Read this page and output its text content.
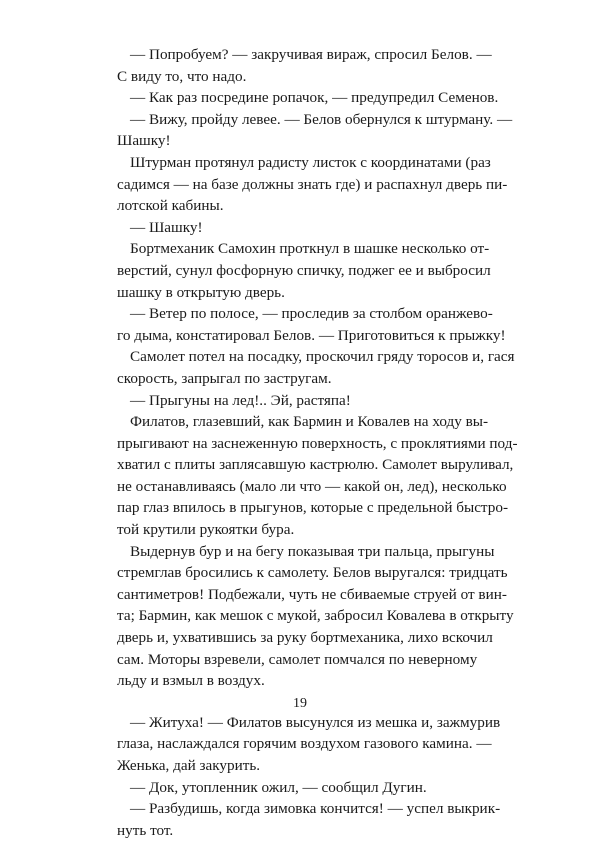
— Попробуем? — закручивая вираж, спросил Белов. —
С виду то, что надо.

— Как раз посредине ропачок, — предупредил Семенов.

— Вижу, пройду левее. — Белов обернулся к штурману. —
Шашку!

Штурман протянул радисту листок с координатами (раз
садимся — на базе должны знать где) и распахнул дверь пи-
лотской кабины.

— Шашку!

Бортмеханик Самохин проткнул в шашке несколько от-
верстий, сунул фосфорную спичку, поджег ее и выбросил
шашку в открытую дверь.

— Ветер по полосе, — проследив за столбом оранжево-
го дыма, констатировал Белов. — Приготовиться к прыжку!

Самолет потел на посадку, проскочил гряду торосов и, гася
скорость, запрыгал по застругам.

— Прыгуны на лед!.. Эй, растяпа!

Филатов, глазевший, как Бармин и Ковалев на ходу вы-
прыгивают на заснеженную поверхность, с проклятиями под-
хватил с плиты заплясавшую кастрюлю. Самолет выруливал,
не останавливаясь (мало ли что — какой он, лед), несколько
пар глаз впилось в прыгунов, которые с предельной быстро-
той крутили рукоятки бура.

Выдернув бур и на бегу показывая три пальца, прыгуны
стремглав бросились к самолету. Белов выругался: тридцать
сантиметров! Подбежали, чуть не сбиваемые струей от вин-
та; Бармин, как мешок с мукой, забросил Ковалева в открыту
дверь и, ухватившись за руку бортмеханика, лихо вскочил
сам. Моторы взревели, самолет помчался по неверному
льду и взмыл в воздух.

— Житуха! — Филатов высунулся из мешка и, зажмурив
глаза, наслаждался горячим воздухом газового камина. —
Женька, дай закурить.

— Док, утопленник ожил, — сообщил Дугин.

— Разбудишь, когда зимовка кончится! — успел выкрик-
нуть тот.

19
